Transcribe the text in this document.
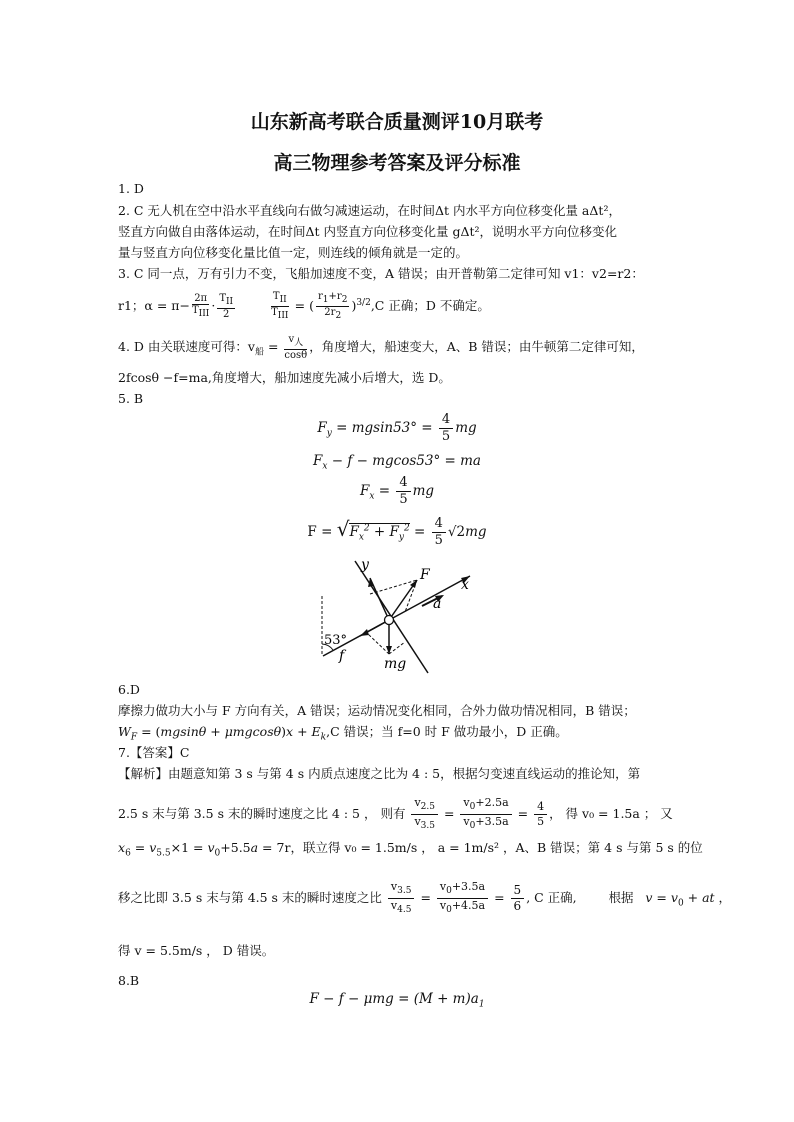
山东新高考联合质量测评10月联考
高三物理参考答案及评分标准
1. D
2. C 无人机在空中沿水平直线向右做匀减速运动，在时间Δt 内水平方向位移变化量 aΔt²，
竖直方向做自由落体运动，在时间Δt 内竖直方向位移变化量 gΔt²，说明水平方向位移变化
量与竖直方向位移变化量比值一定，则连线的倾角就是一定的。
3. C 同一点，万有引力不变，飞船加速度不变，A 错误；由开普勒第二定律可知 v1：v2=r2：
r1；$\alpha = \pi- \frac{2\pi}{T_{III}} \cdot \frac{T_{II}}{2}$
	$\frac{T_{II}}{T_{III}}$ = ( $\frac{r_1+r_2}{2r_2} )^{3/2},C$ 正确；D 不确定。
4. D 由关联速度可得：$v_船 = \frac{v_人}{\cos\theta}$ ，角度增大，船速变大，A、B 错误；由牛顿第二定律可知，
2fcosθ −f=ma,角度增大，船加速度先减小后增大，选 D。
5. B
$F_y = mgsin53^\circ = \frac{4}{5}$ mg
$F_x - f - mgcos53^\circ$ = ma
$F_x = \frac{4}{5}$ mg
$F = √F_x^2 + F_y^2 = \frac{4}{5} √2mg$
y
F
x
a
53°
f	mg
6.D
摩擦力做功大小与 F 方向有关，A 错误；运动情况变化相同，合外力做功情况相同，B 错误；
$W_F = (mgsin\theta + \mu mgcos\theta)x + E_k,C$ 错误；当 f=0 时 F 做功最小，D 正确。
7.【答案】C
【解析】由题意知第 3 s 与第 4 s 内质点速度之比为 4 : 5，根据匀变速直线运动的推论知，第
2.5 s 末与第 3.5 s 末的瞬时速度之比 4 : 5 ， 则有 $\frac{v_{2.5}}{v_{3.5}} = \frac{v_0+2.5a}{v_0+3.5a} = \frac{4}{5}$ ， 得 v₀ = 1.5a ； 又
$x_6 = v_{5.5}\times 1 = v_0+5.5a = 7r$，联立得 v₀ = 1.5m/s ， a = 1m/s² ，A、B 错误；第 4 s 与第 5 s 的位
移之比即 3.5 s 末与第 4.5 s 末的瞬时速度之比 $\frac{v_{3.5}}{v_{4.5}} = \frac{v_0+3.5a}{v_0+4.5a} = \frac{5}{6}$ , C 正确,	根据 $v = v_0$ + at ，
得 v = 5.5m/s ， D 错误。
8.B
$F - f - \mu mg = (M + m)a_1$
